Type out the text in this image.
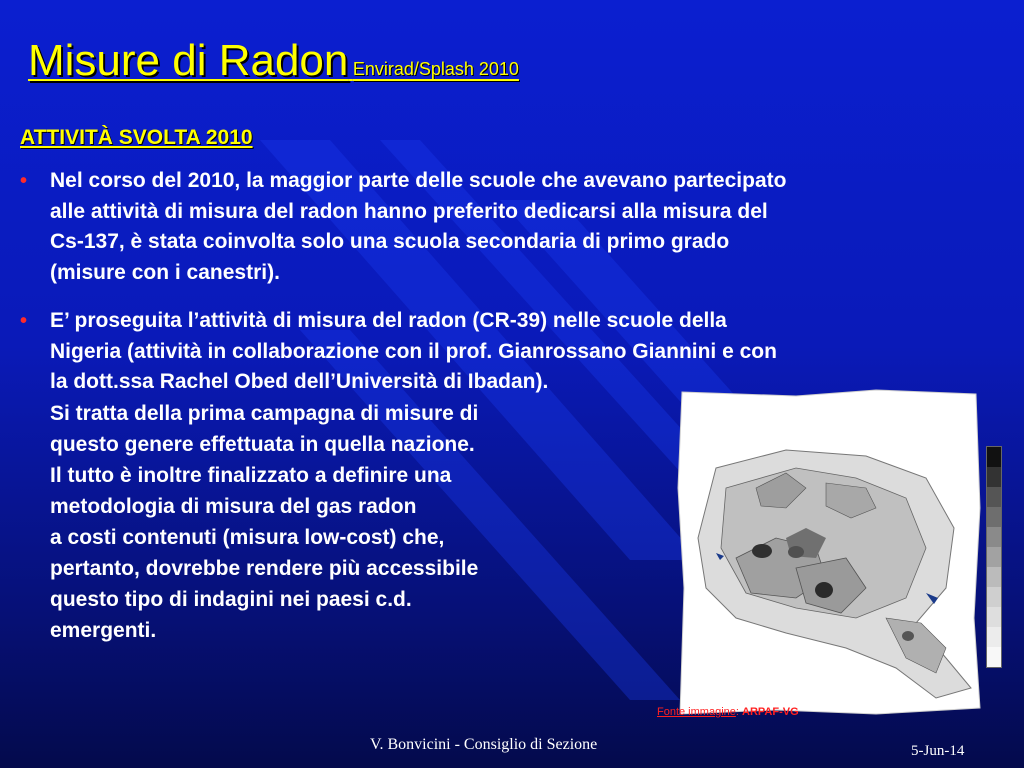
Misure di Radon Envirad/Splash 2010
ATTIVITÀ SVOLTA 2010
• Nel corso del 2010, la maggior parte delle scuole che avevano partecipato
alle attività di misura del radon hanno preferito dedicarsi alla misura del
Cs-137, è stata coinvolta solo una scuola secondaria di primo grado
(misure con i canestri).
• E’ proseguita l’attività di misura del radon (CR-39) nelle scuole della
Nigeria (attività in collaborazione con il prof. Gianrossano Giannini e con
la dott.ssa Rachel Obed dell’Università di Ibadan).
Si tratta della prima campagna di misure di
questo genere effettuata in quella nazione.
Il tutto è inoltre finalizzato a definire una
metodologia di misura del gas radon
a costi contenuti (misura low-cost) che,
pertanto, dovrebbe rendere più accessibile
questo tipo di indagini nei paesi c.d.
emergenti.
Fonte immagine: ARPAF-VG
V. Bonvicini - Consiglio di Sezione	5-Jun-14
